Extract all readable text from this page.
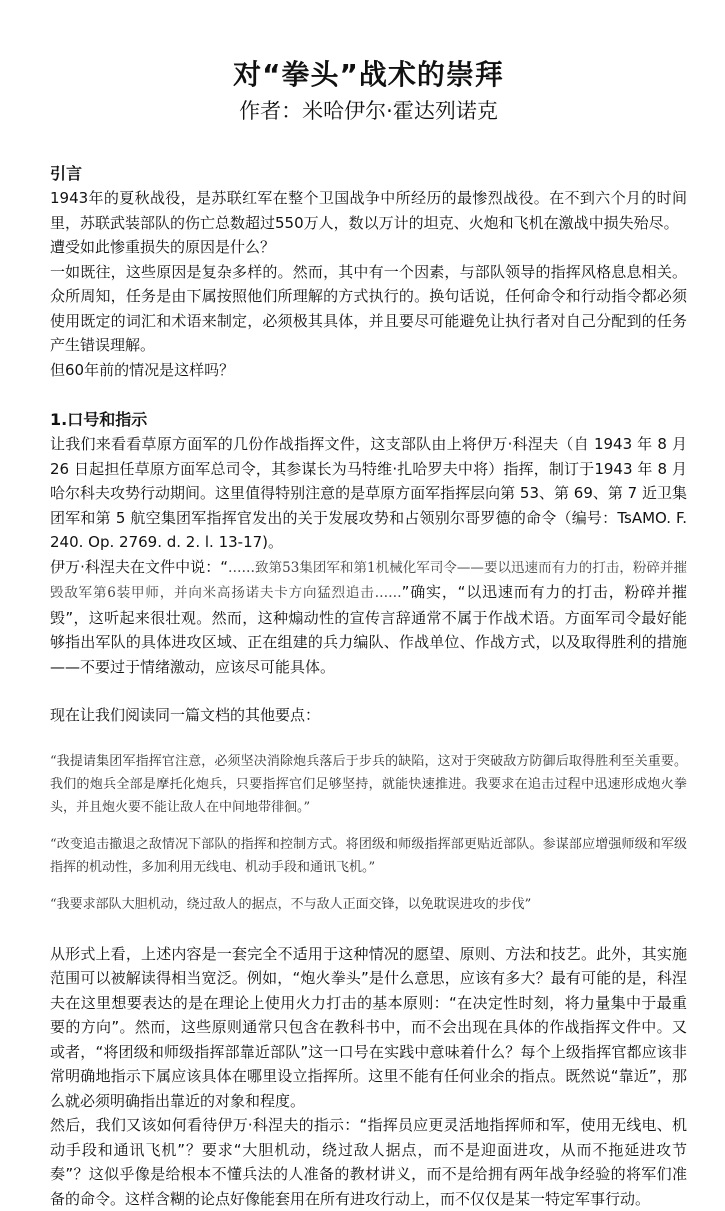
对“拳头”战术的崇拜
作者：米哈伊尔·霍达列诺克
引言

1943年的夏秋战役，是苏联红军在整个卫国战争中所经历的最惨烈战役。在不到六个月的时间里，苏联武装部队的伤亡总数超过550万人，数以万计的坦克、火炮和飞机在激战中损失殆尽。

遭受如此惨重损失的原因是什么？

一如既往，这些原因是复杂多样的。然而，其中有一个因素，与部队领导的指挥风格息息相关。众所周知，任务是由下属按照他们所理解的方式执行的。换句话说，任何命令和行动指令都必须使用既定的词汇和术语来制定，必须极其具体，并且要尽可能避免让执行者对自己分配到的任务产生错误理解。

但60年前的情况是这样吗？

1.口号和指示

让我们来看看草原方面军的几份作战指挥文件，这支部队由上将伊万·科涅夫（自 1943 年 8 月 26 日起担任草原方面军总司令，其参谋长为马特维·扎哈罗夫中将）指挥，制订于1943 年 8 月哈尔科夫攻势行动期间。这里值得特别注意的是草原方面军指挥层向第 53、第 69、第 7 近卫集团军和第 5 航空集团军指挥官发出的关于发展攻势和占领别尔哥罗德的命令（编号：TsAMO. F. 240. Op. 2769. d. 2. l. 13-17)。

伊万·科涅夫在文件中说：“……致第53集团军和第1机械化军司令——要以迅速而有力的打击，粉碎并摧毁敌军第6装甲师，并向米高扬诺夫卡方向猛烈追击……”确实，“以迅速而有力的打击，粉碎并摧毁”，这听起来很壮观。然而，这种煽动性的宣传言辞通常不属于作战术语。方面军司令最好能够指出军队的具体进攻区域、正在组建的兵力编队、作战单位、作战方式，以及取得胜利的措施——不要过于情绪激动，应该尽可能具体。

现在让我们阅读同一篇文档的其他要点：

“我提请集团军指挥官注意，必须坚决消除炮兵落后于步兵的缺陷，这对于突破敌方防御后取得胜利至关重要。我们的炮兵全部是摩托化炮兵，只要指挥官们足够坚持，就能快速推进。我要求在追击过程中迅速形成炮火拳头，并且炮火要不能让敌人在中间地带徘徊。”

“改变追击撤退之敌情况下部队的指挥和控制方式。将团级和师级指挥部更贴近部队。参谋部应增强师级和军级指挥的机动性，多加利用无线电、机动手段和通讯飞机。”

“我要求部队大胆机动，绕过敌人的据点，不与敌人正面交锋，以免耽误进攻的步伐”

从形式上看，上述内容是一套完全不适用于这种情况的愿望、原则、方法和技艺。此外，其实施范围可以被解读得相当宽泛。例如，“炮火拳头”是什么意思，应该有多大？最有可能的是，科涅夫在这里想要表达的是在理论上使用火力打击的基本原则：“在决定性时刻，将力量集中于最重要的方向”。然而，这些原则通常只包含在教科书中，而不会出现在具体的作战指挥文件中。又或者，“将团级和师级指挥部靠近部队”这一口号在实践中意味着什么？每个上级指挥官都应该非常明确地指示下属应该具体在哪里设立指挥所。这里不能有任何业余的指点。既然说“靠近”，那么就必须明确指出靠近的对象和程度。

然后，我们又该如何看待伊万·科涅夫的指示：“指挥员应更灵活地指挥师和军，使用无线电、机动手段和通讯飞机”？要求“大胆机动，绕过敌人据点，而不是迎面进攻，从而不拖延进攻节奏”？这似乎像是给根本不懂兵法的人准备的教材讲义，而不是给拥有两年战争经验的将军们准备的命令。这样含糊的论点好像能套用在所有进攻行动上，而不仅仅是某一特定军事行动。
